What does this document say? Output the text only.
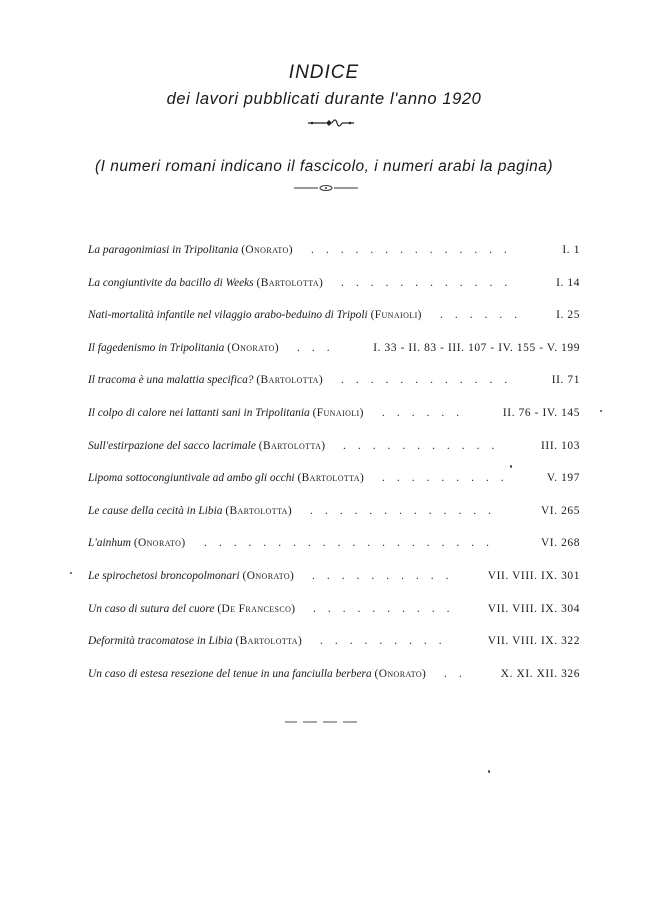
INDICE
dei lavori pubblicati durante l'anno 1920
(I numeri romani indicano il fascicolo, i numeri arabi la pagina)
La paragonimiasi in Tripolitania (Onorato) ..............	I. 1
La congiuntivite da bacillo di Weeks (Bartolotta) ............	I. 14
Nati-mortalità infantile nel vilaggio arabo-beduino di Tripoli (Funaioli) ...... I. 25
Il fagedenismo in Tripolitania (Onorato) ...	I. 33 - II. 83 - III. 107 - IV. 155 - V. 199
Il tracoma è una malattia specifica? (Bartolotta) ............	II. 71
Il colpo di calore nei lattanti sani in Tripolitania (Funaioli) ......	II. 76 - IV. 145
Sull'estirpazione del sacco lacrimale (Bartolotta) ...........	III. 103
Lipoma sottocongiuntivale ad ambo gli occhi (Bartolotta) .........	V. 197
Le cause della cecità in Libia (Bartolotta) .............	VI. 265
L'ainhum (Onorato) ....................	VI. 268
Le spirochetosi broncopolmonari (Onorato) .......... VII. VIII. IX. 301
Un caso di sutura del cuore (De Francesco) .......... VII. VIII. IX. 304
Deformità tracomatose in Libia (Bartolotta) .........	VII. VIII. IX. 322
Un caso di estesa resezione del tenue in una fanciulla berbera (Onorato) .. X. XI. XII. 326
